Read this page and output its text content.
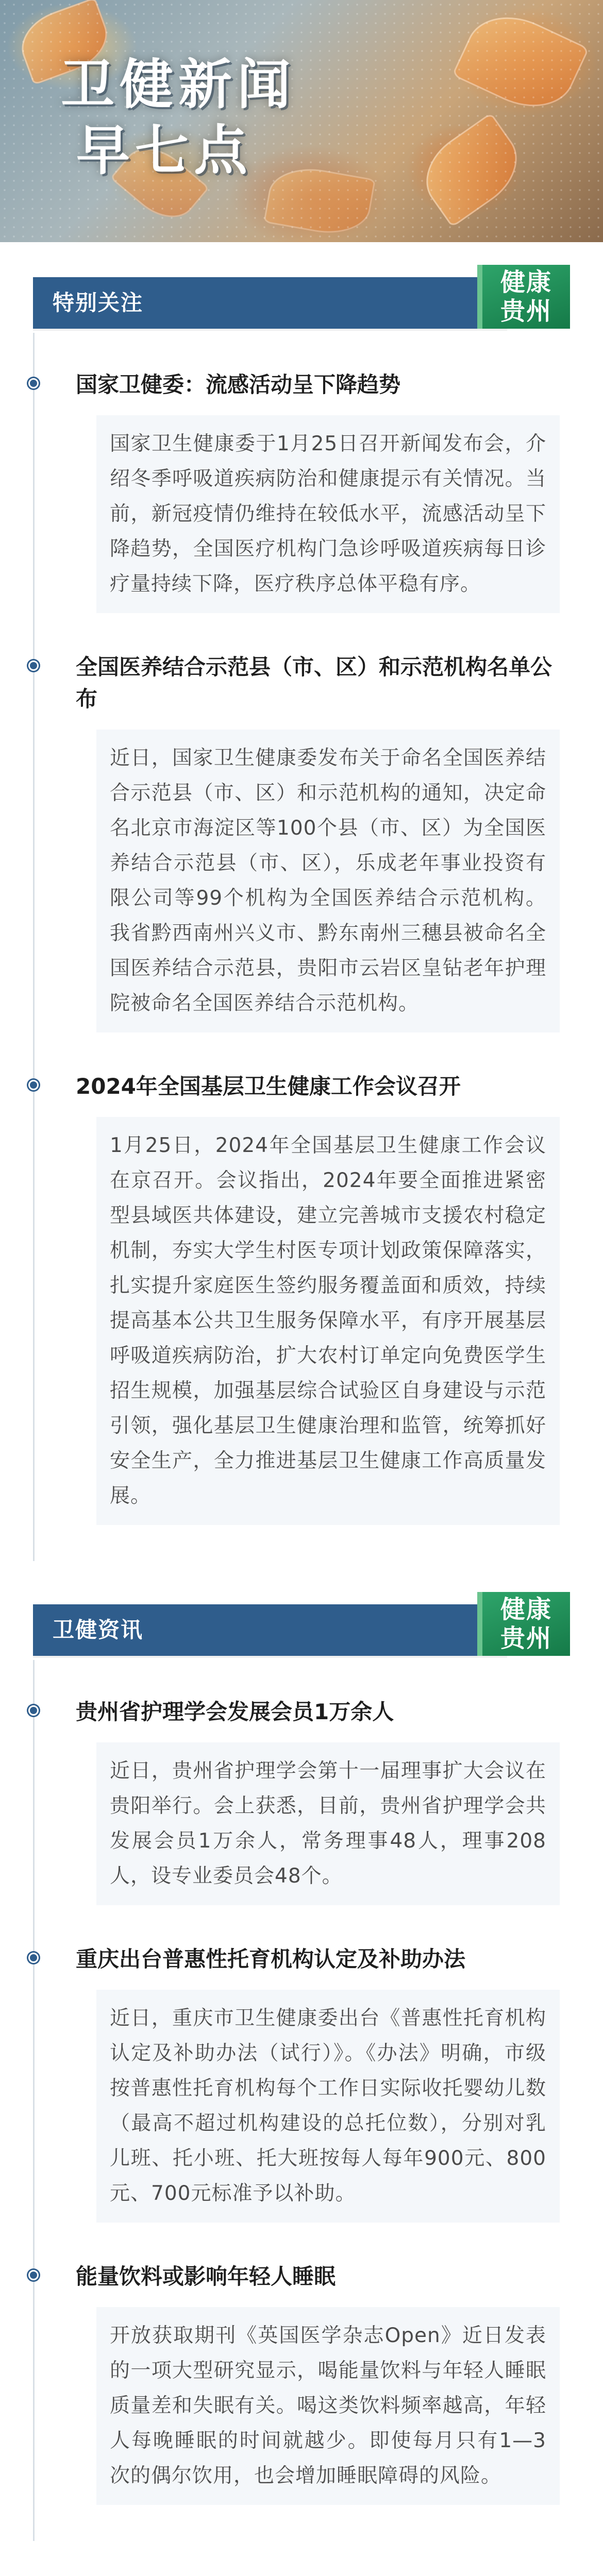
卫健新闻
早七点
特别关注
健康
贵州
国家卫健委：流感活动呈下降趋势

国家卫生健康委于1月25日召开新闻发布会，介绍冬季呼吸道疾病防治和健康提示有关情况。当前，新冠疫情仍维持在较低水平，流感活动呈下降趋势，全国医疗机构门急诊呼吸道疾病每日诊疗量持续下降，医疗秩序总体平稳有序。

全国医养结合示范县（市、区）和示范机构名单公布

近日，国家卫生健康委发布关于命名全国医养结合示范县（市、区）和示范机构的通知，决定命名北京市海淀区等100个县（市、区）为全国医养结合示范县（市、区），乐成老年事业投资有限公司等99个机构为全国医养结合示范机构。我省黔西南州兴义市、黔东南州三穗县被命名全国医养结合示范县，贵阳市云岩区皇钻老年护理院被命名全国医养结合示范机构。

2024年全国基层卫生健康工作会议召开

1月25日，2024年全国基层卫生健康工作会议在京召开。会议指出，2024年要全面推进紧密型县域医共体建设，建立完善城市支援农村稳定机制，夯实大学生村医专项计划政策保障落实，扎实提升家庭医生签约服务覆盖面和质效，持续提高基本公共卫生服务保障水平，有序开展基层呼吸道疾病防治，扩大农村订单定向免费医学生招生规模，加强基层综合试验区自身建设与示范引领，强化基层卫生健康治理和监管，统筹抓好安全生产，全力推进基层卫生健康工作高质量发展。

卫健资讯
健康
贵州
贵州省护理学会发展会员1万余人

近日，贵州省护理学会第十一届理事扩大会议在贵阳举行。会上获悉，目前，贵州省护理学会共发展会员1万余人，常务理事48人，理事208人，设专业委员会48个。

重庆出台普惠性托育机构认定及补助办法

近日，重庆市卫生健康委出台《普惠性托育机构认定及补助办法（试行）》。《办法》明确，市级按普惠性托育机构每个工作日实际收托婴幼儿数（最高不超过机构建设的总托位数），分别对乳儿班、托小班、托大班按每人每年900元、800元、700元标准予以补助。

能量饮料或影响年轻人睡眠

开放获取期刊《英国医学杂志Open》近日发表的一项大型研究显示，喝能量饮料与年轻人睡眠质量差和失眠有关。喝这类饮料频率越高，年轻人每晚睡眠的时间就越少。即使每月只有1—3次的偶尔饮用，也会增加睡眠障碍的风险。
